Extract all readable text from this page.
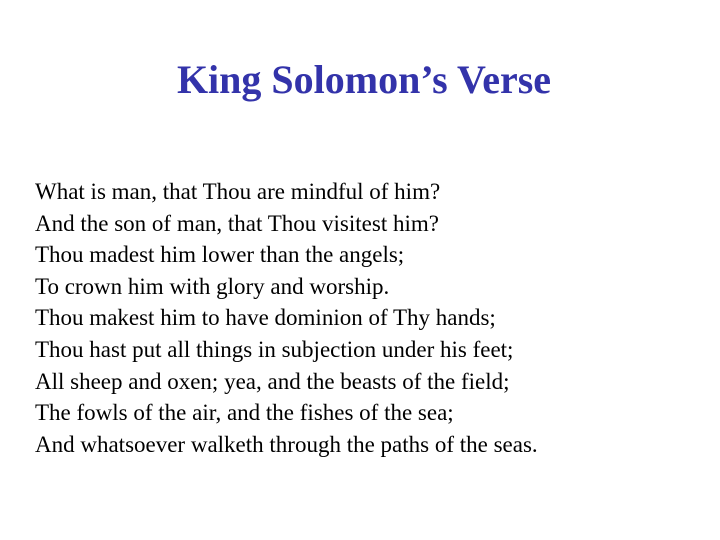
King Solomon’s Verse
What is man, that Thou are mindful of him?
And the son of man, that Thou visitest him?
Thou madest him lower than the angels;
To crown him with glory and worship.
Thou makest him to have dominion of Thy hands;
Thou hast put all things in subjection under his feet;
All sheep and oxen; yea, and the beasts of the field;
The fowls of the air, and the fishes of the sea;
And whatsoever walketh through the paths of the seas.
